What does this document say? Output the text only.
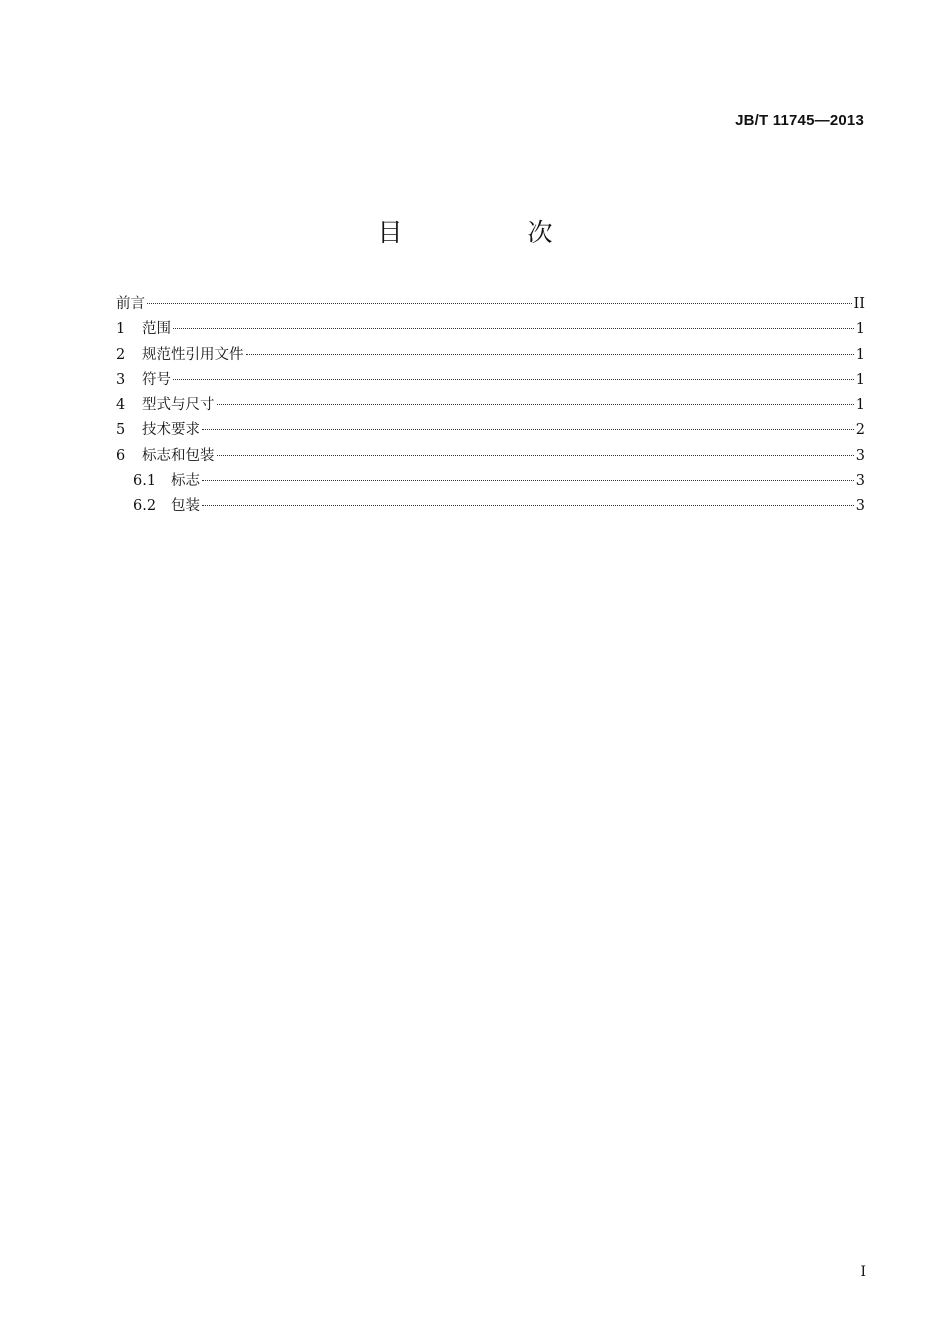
JB/T 11745—2013
目　次
前言	II
1	范围	1
2	规范性引用文件	1
3	符号	1
4	型式与尺寸	1
5	技术要求	2
6	标志和包装	3
6.1	标志	3
6.2	包装	3
I
